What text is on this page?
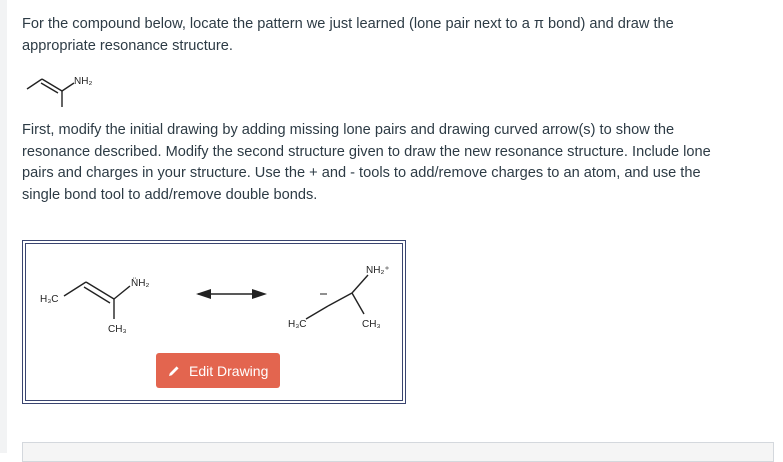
For the compound below, locate the pattern we just learned (lone pair next to a π bond) and draw the
appropriate resonance structure.
NH₂
First, modify the initial drawing by adding missing lone pairs and drawing curved arrow(s) to show the
resonance described. Modify the second structure given to draw the new resonance structure. Include lone
pairs and charges in your structure. Use the + and - tools to add/remove charges to an atom, and use the
single bond tool to add/remove double bonds.
H₃C
N̈H₂
CH₃	H₃C
NH₂⁺
CH₃
Edit Drawing
